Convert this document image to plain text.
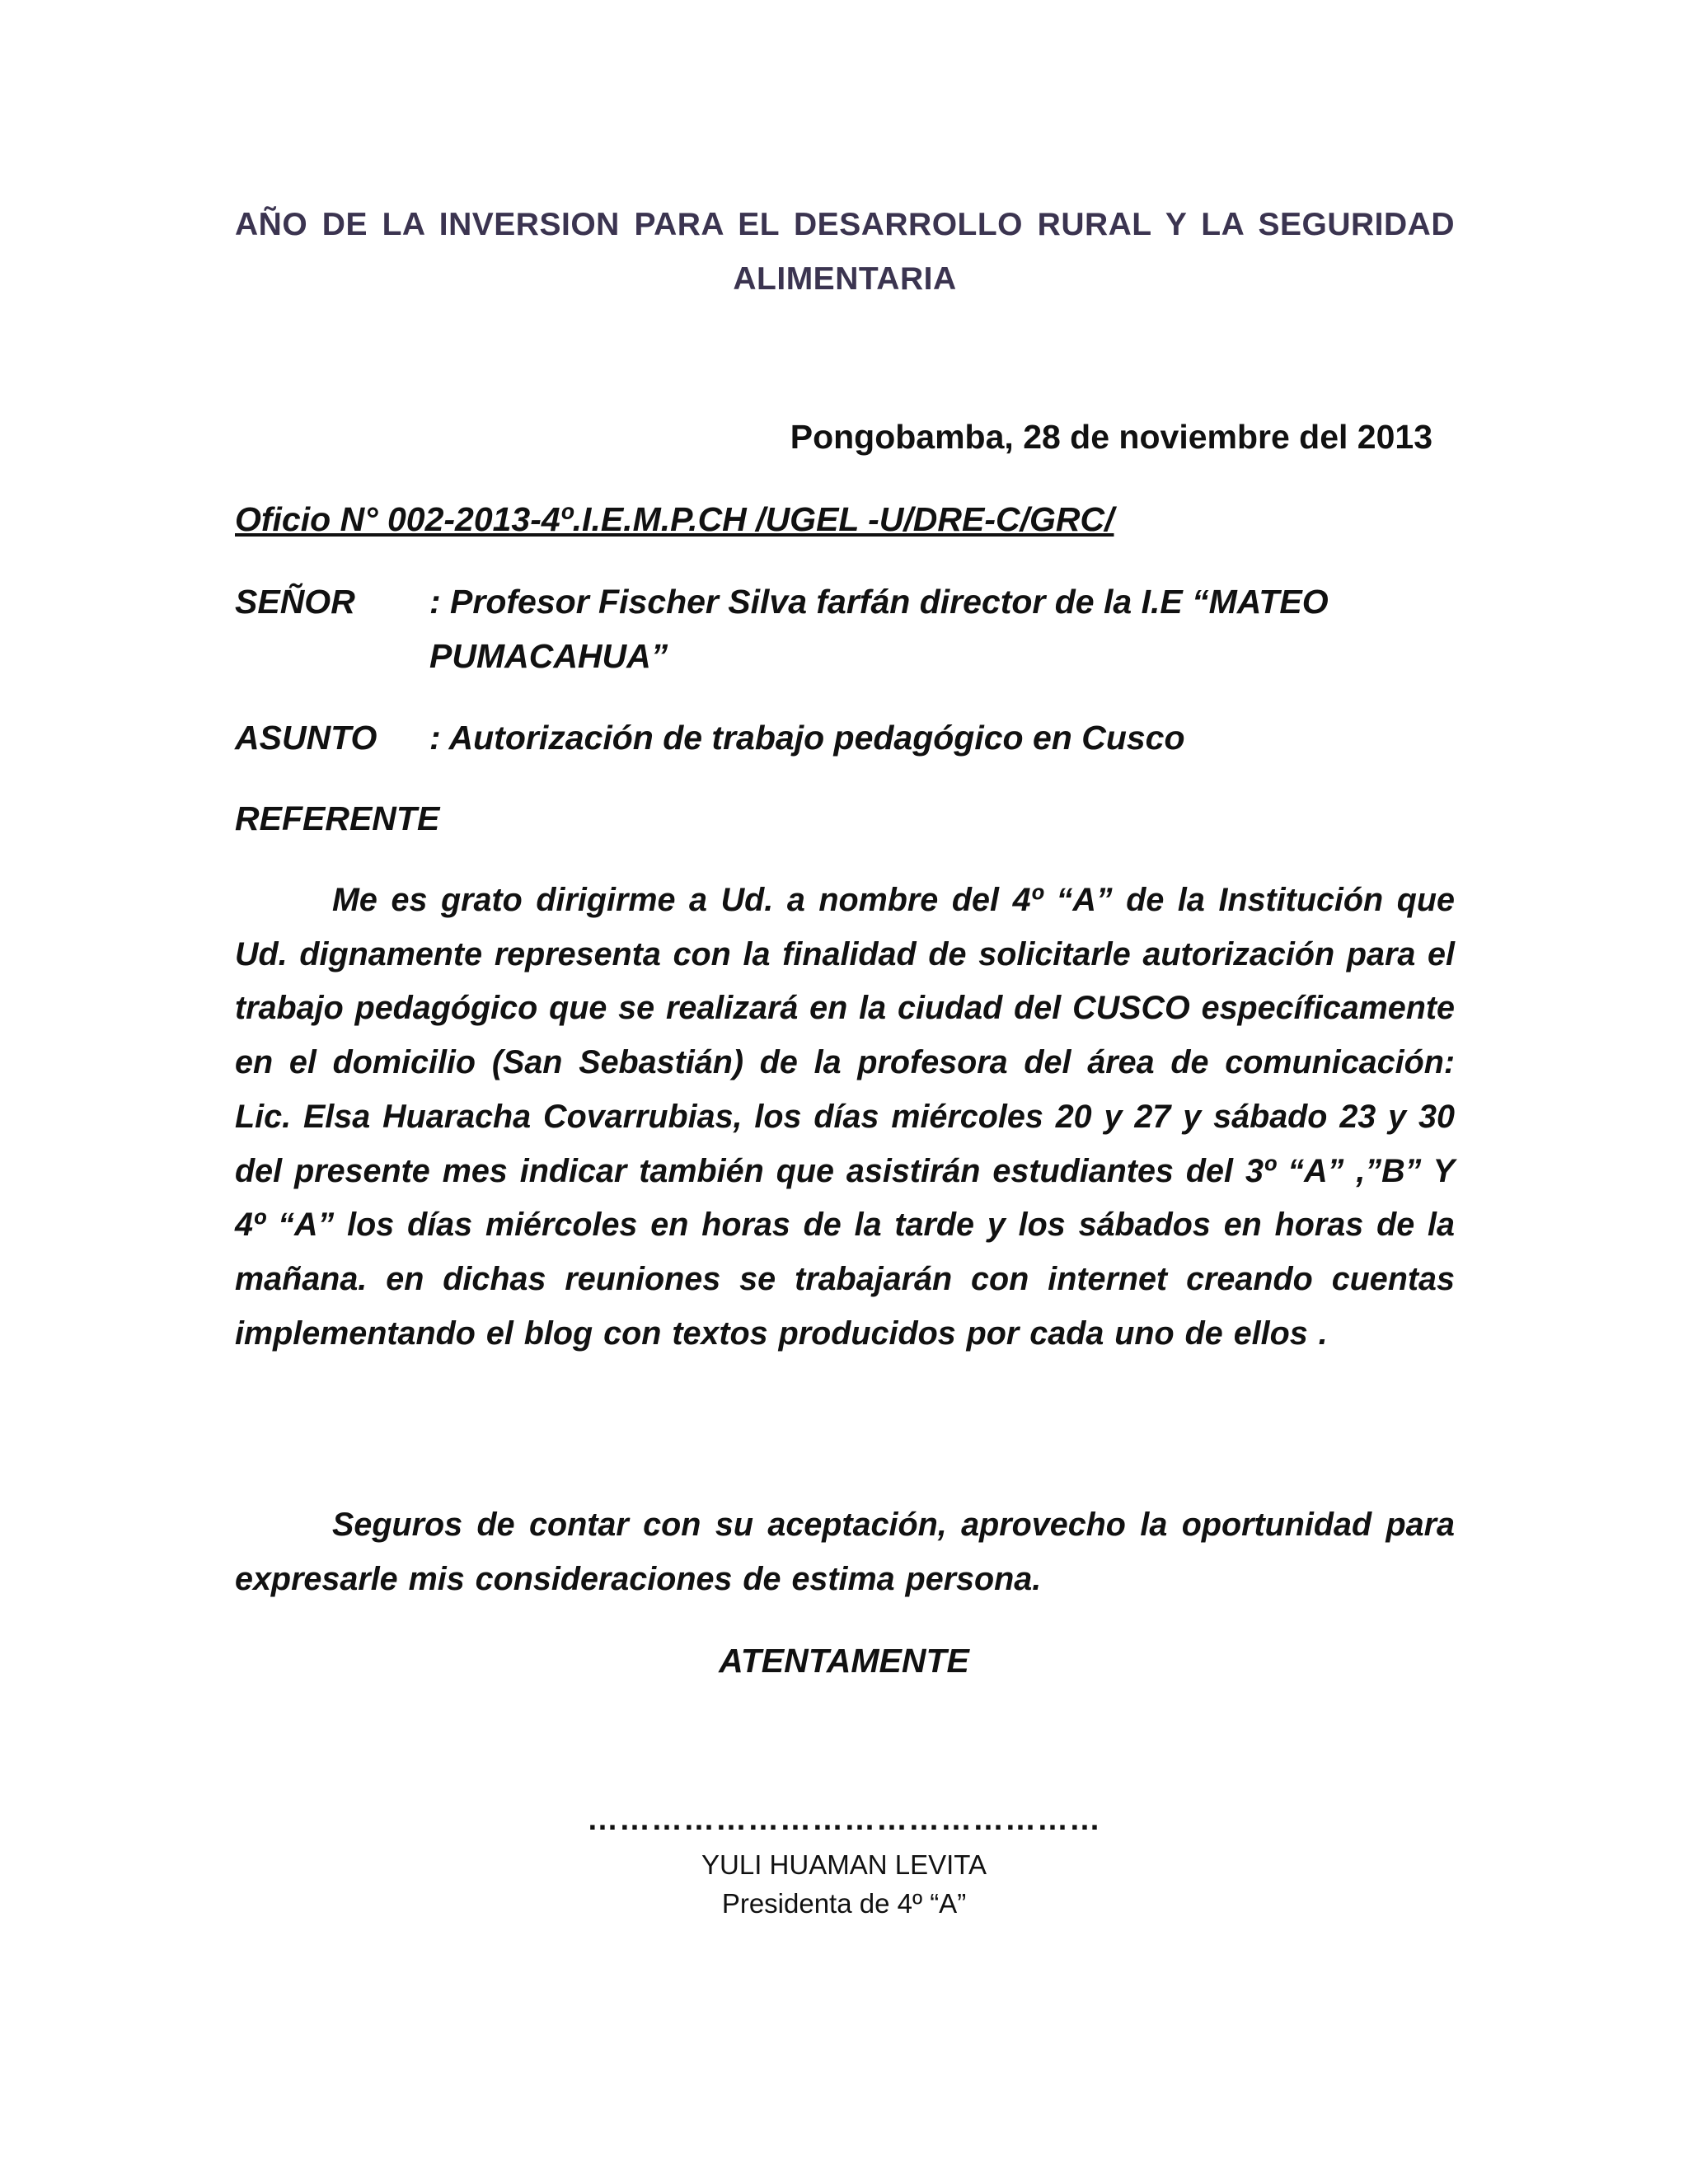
AÑO DE LA INVERSION PARA EL DESARROLLO RURAL Y LA SEGURIDAD
ALIMENTARIA
Pongobamba, 28 de noviembre del 2013
Oficio N° 002-2013-4º.I.E.M.P.CH /UGEL -U/DRE-C/GRC/
SEÑOR : Profesor Fischer Silva farfán director de la I.E “MATEO PUMACAHUA”
ASUNTO : Autorización de trabajo pedagógico en Cusco
REFERENTE

Me es grato dirigirme a Ud. a nombre del 4º “A” de la Institución que Ud. dignamente representa con la finalidad de solicitarle autorización para el trabajo pedagógico que se realizará en la ciudad del CUSCO específicamente en el domicilio (San Sebastián) de la profesora del área de comunicación: Lic. Elsa Huaracha Covarrubias, los días miércoles 20 y 27 y sábado 23 y 30 del presente mes indicar también que asistirán estudiantes del 3º “A” ,”B” Y 4º “A” los días miércoles en horas de la tarde y los sábados en horas de la mañana. en dichas reuniones se trabajarán con internet creando cuentas implementando el blog con textos producidos por cada uno de ellos .

Seguros de contar con su aceptación, aprovecho la oportunidad para expresarle mis consideraciones de estima persona.

ATENTAMENTE
…………………………………………
YULI HUAMAN LEVITA
Presidenta de 4º “A”
